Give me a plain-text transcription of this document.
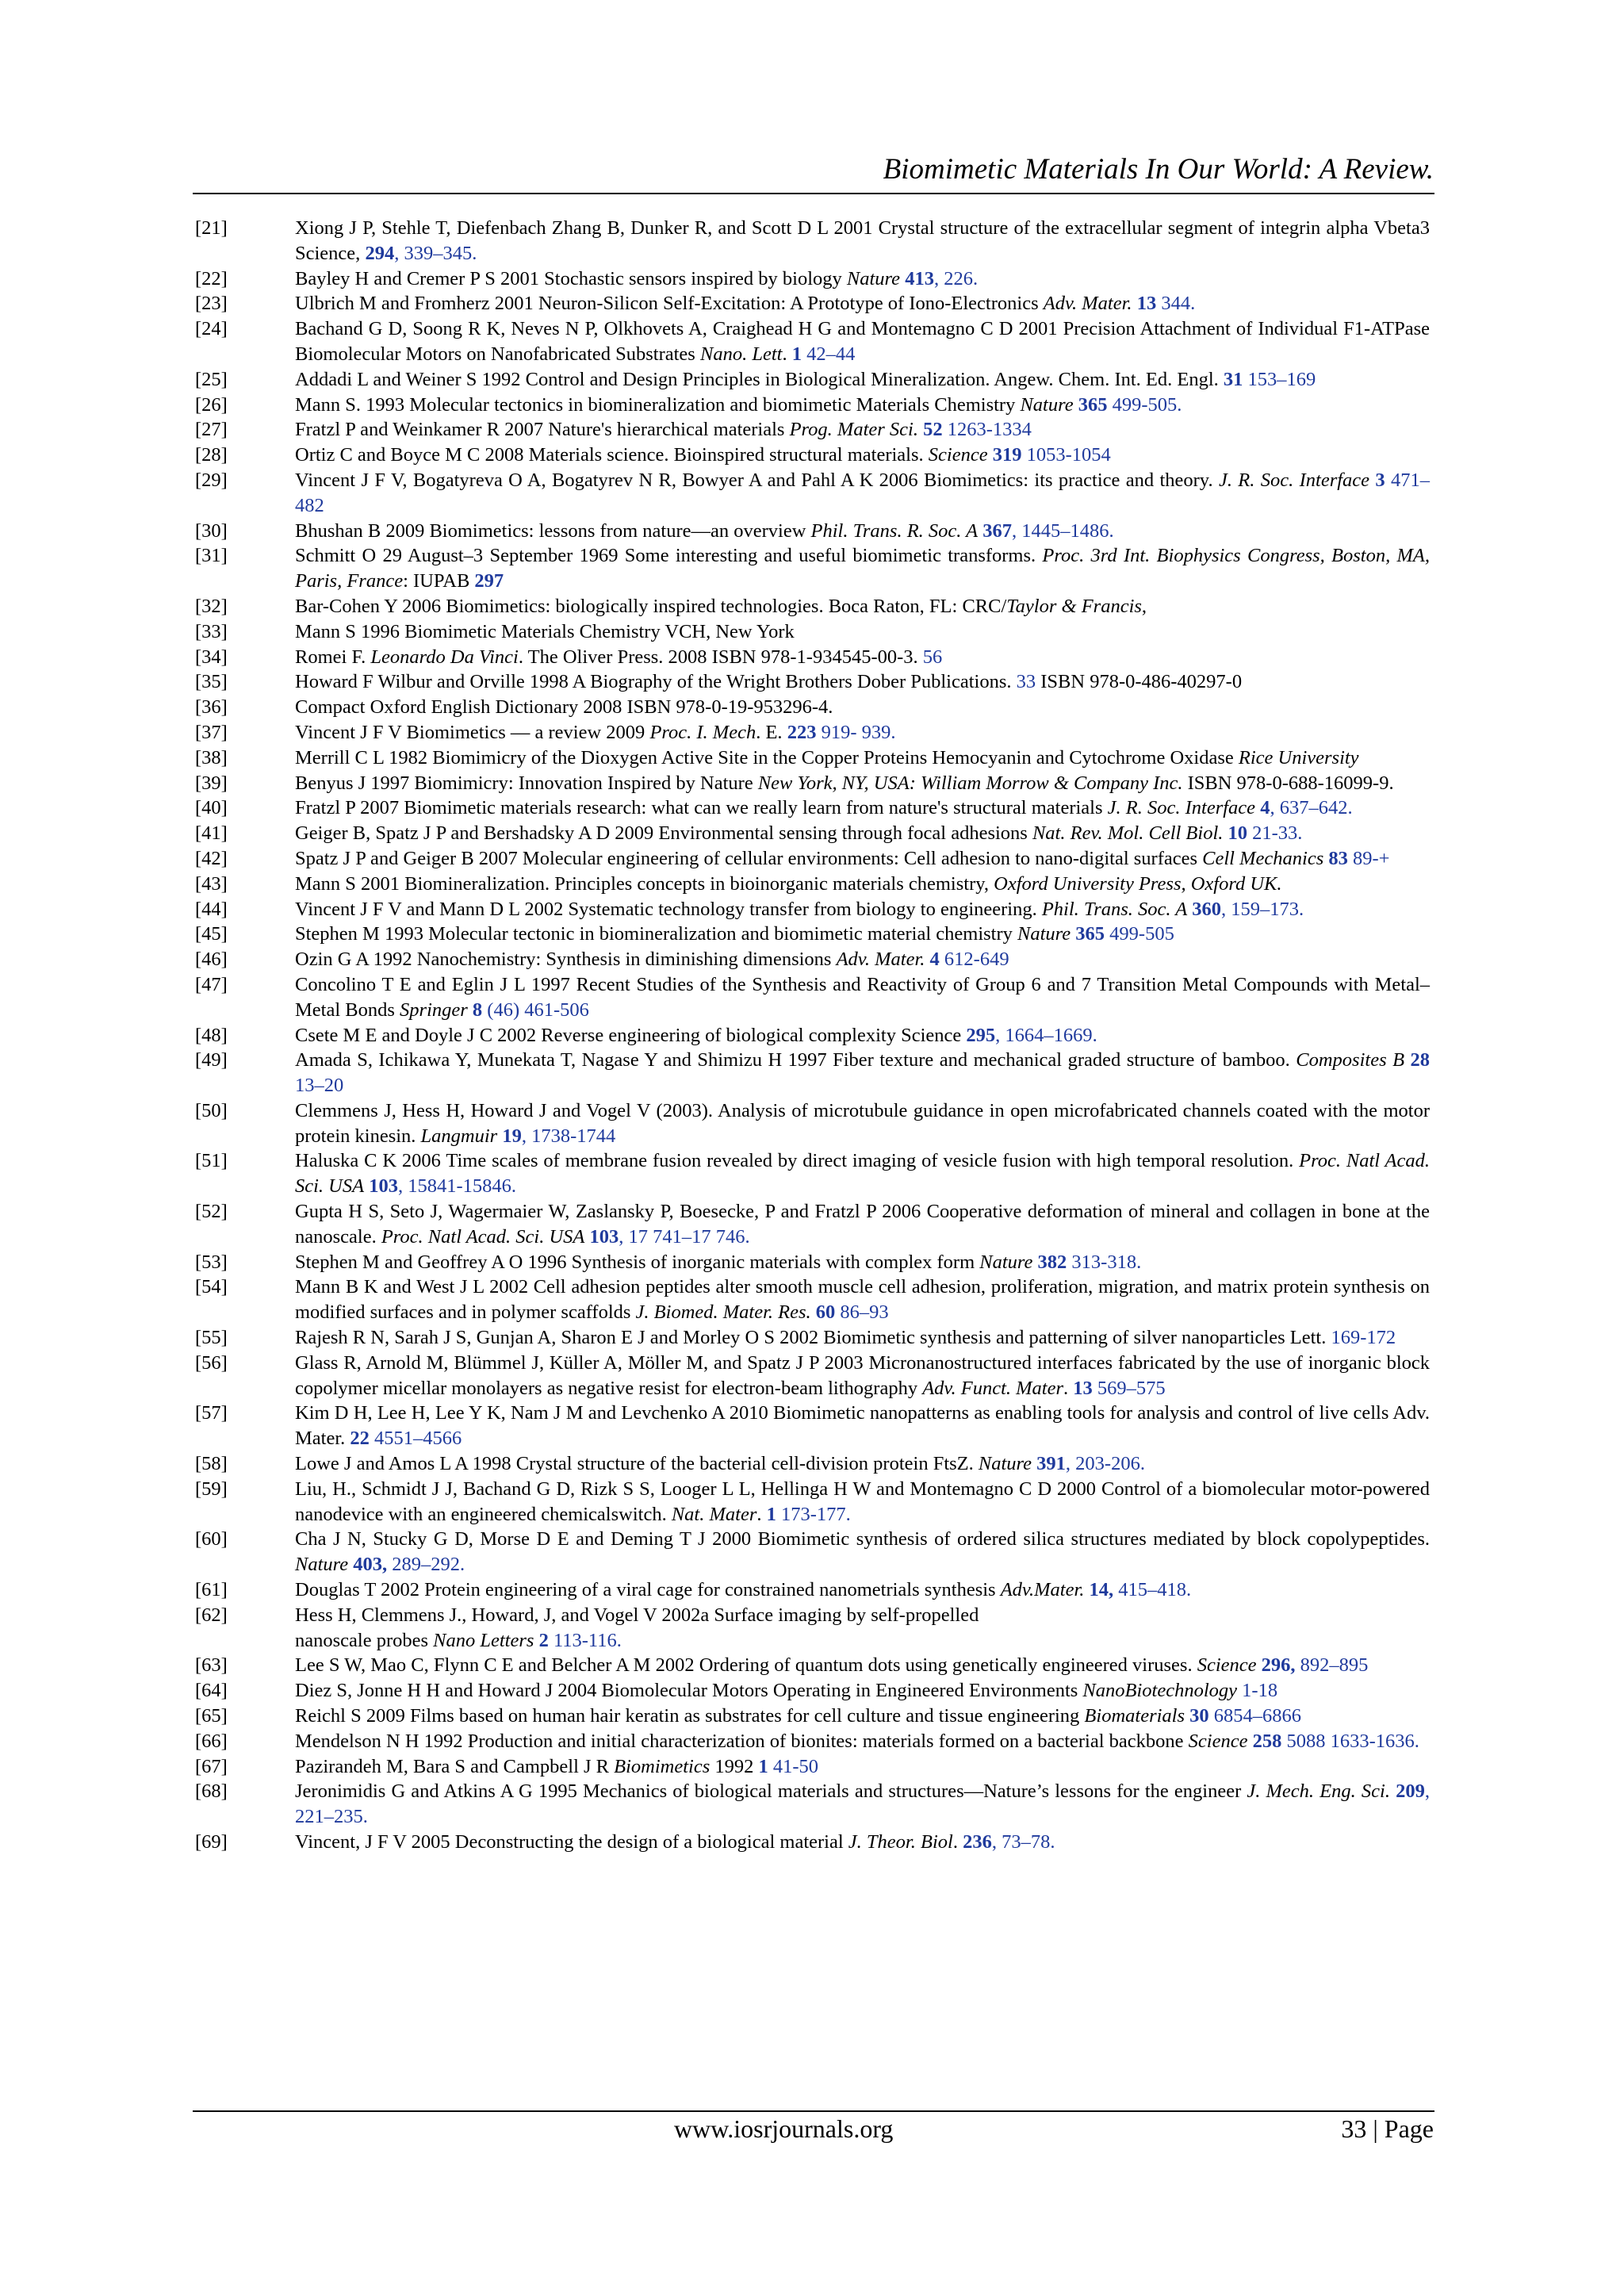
Biomimetic Materials In Our World: A Review.
[21]	Xiong J P, Stehle T, Diefenbach Zhang B, Dunker R, and Scott D L 2001 Crystal structure of the extracellular segment of integrin alpha Vbeta3 Science, 294, 339–345.
[22]	Bayley H and Cremer P S 2001 Stochastic sensors inspired by biology Nature 413, 226.
[23]	Ulbrich M and Fromherz 2001 Neuron-Silicon Self-Excitation: A Prototype of Iono-Electronics Adv. Mater. 13 344.
[24]	Bachand G D, Soong R K, Neves N P, Olkhovets A, Craighead H G and Montemagno C D 2001 Precision Attachment of Individual F1-ATPase Biomolecular Motors on Nanofabricated Substrates Nano. Lett. 1 42–44
[25]	Addadi L and Weiner S 1992 Control and Design Principles in Biological Mineralization. Angew. Chem. Int. Ed. Engl. 31 153–169
[26]	Mann S. 1993 Molecular tectonics in biomineralization and biomimetic Materials Chemistry Nature 365 499-505.
[27]	Fratzl P and Weinkamer R 2007 Nature's hierarchical materials Prog. Mater Sci. 52 1263-1334
[28]	Ortiz C and Boyce M C 2008 Materials science. Bioinspired structural materials. Science 319 1053-1054
[29]	Vincent J F V, Bogatyreva O A, Bogatyrev N R, Bowyer A and Pahl A K 2006 Biomimetics: its practice and theory. J. R. Soc. Interface 3 471–482
[30]	Bhushan B 2009 Biomimetics: lessons from nature—an overview Phil. Trans. R. Soc. A 367, 1445–1486.
[31]	Schmitt O 29 August–3 September 1969 Some interesting and useful biomimetic transforms. Proc. 3rd Int. Biophysics Congress, Boston, MA, Paris, France: IUPAB 297
[32]	Bar-Cohen Y 2006 Biomimetics: biologically inspired technologies. Boca Raton, FL: CRC/Taylor & Francis,
[33]	Mann S 1996 Biomimetic Materials Chemistry VCH, New York
[34]	Romei F. Leonardo Da Vinci. The Oliver Press. 2008 ISBN 978-1-934545-00-3. 56
[35]	Howard F Wilbur and Orville 1998 A Biography of the Wright Brothers Dober Publications. 33 ISBN 978-0-486-40297-0
[36]	Compact Oxford English Dictionary 2008 ISBN 978-0-19-953296-4.
[37]	Vincent J F V Biomimetics — a review 2009 Proc. I. Mech. E. 223 919- 939.
[38]	Merrill C L 1982 Biomimicry of the Dioxygen Active Site in the Copper Proteins Hemocyanin and Cytochrome Oxidase Rice University
[39]	Benyus J 1997 Biomimicry: Innovation Inspired by Nature New York, NY, USA: William Morrow & Company Inc. ISBN 978-0-688-16099-9.
[40]	Fratzl P 2007 Biomimetic materials research: what can we really learn from nature's structural materials J. R. Soc. Interface 4, 637–642.
[41]	Geiger B, Spatz J P and Bershadsky A D 2009 Environmental sensing through focal adhesions Nat. Rev. Mol. Cell Biol. 10 21-33.
[42]	Spatz J P and Geiger B 2007 Molecular engineering of cellular environments: Cell adhesion to nano-digital surfaces Cell Mechanics 83 89-+
[43]	Mann S 2001 Biomineralization. Principles concepts in bioinorganic materials chemistry, Oxford University Press, Oxford UK.
[44]	Vincent J F V and Mann D L 2002 Systematic technology transfer from biology to engineering. Phil. Trans. Soc. A 360, 159–173.
[45]	Stephen M 1993 Molecular tectonic in biomineralization and biomimetic material chemistry Nature 365 499-505
[46]	Ozin G A 1992 Nanochemistry: Synthesis in diminishing dimensions Adv. Mater. 4 612-649
[47]	Concolino T E and Eglin J L 1997 Recent Studies of the Synthesis and Reactivity of Group 6 and 7 Transition Metal Compounds with Metal–Metal Bonds Springer 8 (46) 461-506
[48]	Csete M E and Doyle J C 2002 Reverse engineering of biological complexity Science 295, 1664–1669.
[49]	Amada S, Ichikawa Y, Munekata T, Nagase Y and Shimizu H 1997 Fiber texture and mechanical graded structure of bamboo. Composites B 28 13–20
[50]	Clemmens J, Hess H, Howard J and Vogel V (2003). Analysis of microtubule guidance in open microfabricated channels coated with the motor protein kinesin. Langmuir 19, 1738-1744
[51]	Haluska C K 2006 Time scales of membrane fusion revealed by direct imaging of vesicle fusion with high temporal resolution. Proc. Natl Acad. Sci. USA 103, 15841-15846.
[52]	Gupta H S, Seto J, Wagermaier W, Zaslansky P, Boesecke, P and Fratzl P 2006 Cooperative deformation of mineral and collagen in bone at the nanoscale. Proc. Natl Acad. Sci. USA 103, 17 741–17 746.
[53]	Stephen M and Geoffrey A O 1996 Synthesis of inorganic materials with complex form Nature 382 313-318.
[54]	Mann B K and West J L 2002 Cell adhesion peptides alter smooth muscle cell adhesion, proliferation, migration, and matrix protein synthesis on modified surfaces and in polymer scaffolds J. Biomed. Mater. Res. 60 86–93
[55]	Rajesh R N, Sarah J S, Gunjan A, Sharon E J and Morley O S 2002 Biomimetic synthesis and patterning of silver nanoparticles Lett. 169-172
[56]	Glass R, Arnold M, Blümmel J, Küller A, Möller M, and Spatz J P 2003 Micronanostructured interfaces fabricated by the use of inorganic block copolymer micellar monolayers as negative resist for electron-beam lithography Adv. Funct. Mater. 13 569–575
[57]	Kim D H, Lee H, Lee Y K, Nam J M and Levchenko A 2010 Biomimetic nanopatterns as enabling tools for analysis and control of live cells Adv. Mater. 22 4551–4566
[58]	Lowe J and Amos L A 1998 Crystal structure of the bacterial cell-division protein FtsZ. Nature 391, 203-206.
[59]	Liu, H., Schmidt J J, Bachand G D, Rizk S S, Looger L L, Hellinga H W and Montemagno C D 2000 Control of a biomolecular motor-powered nanodevice with an engineered chemicalswitch. Nat. Mater. 1 173-177.
[60]	Cha J N, Stucky G D, Morse D E and Deming T J 2000 Biomimetic synthesis of ordered silica structures mediated by block copolypeptides. Nature 403, 289–292.
[61]	Douglas T 2002 Protein engineering of a viral cage for constrained nanometrials synthesis Adv.Mater. 14, 415–418.
[62]	Hess H, Clemmens J., Howard, J, and Vogel V 2002a Surface imaging by self-propelled
nanoscale probes Nano Letters 2 113-116.
[63]	Lee S W, Mao C, Flynn C E and Belcher A M 2002 Ordering of quantum dots using genetically engineered viruses. Science 296, 892–895
[64]	Diez S, Jonne H H and Howard J 2004 Biomolecular Motors Operating in Engineered Environments NanoBiotechnology 1-18
[65]	Reichl S 2009 Films based on human hair keratin as substrates for cell culture and tissue engineering Biomaterials 30 6854–6866
[66]	Mendelson N H 1992 Production and initial characterization of bionites: materials formed on a bacterial backbone Science 258 5088 1633-1636.
[67]	Pazirandeh M, Bara S and Campbell J R Biomimetics 1992 1 41-50
[68]	Jeronimidis G and Atkins A G 1995 Mechanics of biological materials and structures—Nature’s lessons for the engineer J. Mech. Eng. Sci. 209, 221–235.
[69]	Vincent, J F V 2005 Deconstructing the design of a biological material J. Theor. Biol. 236, 73–78.
www.iosrjournals.org	33 | Page
